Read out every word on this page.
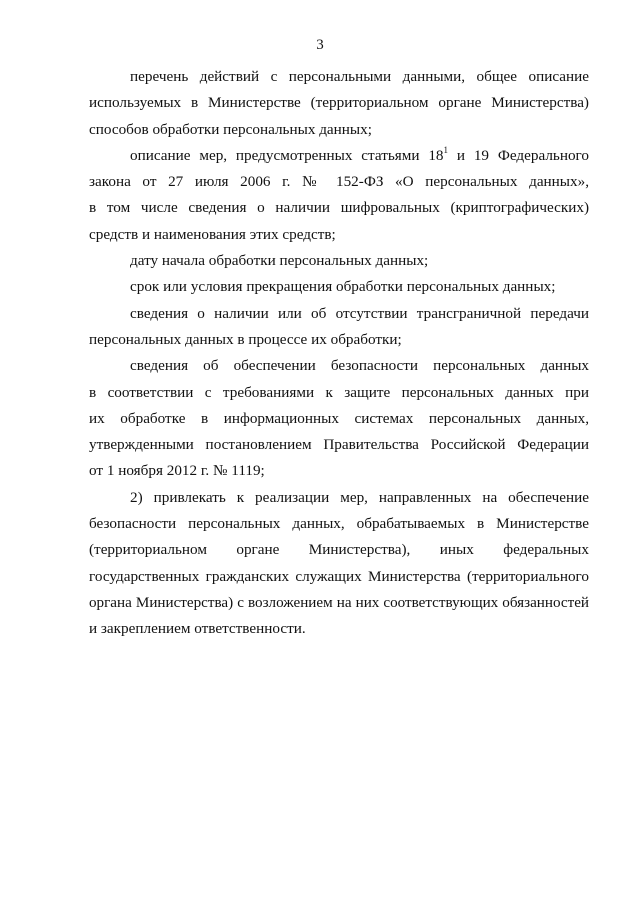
3

перечень действий с персональными данными, общее описание
используемых в Министерстве (территориальном органе Министерства)
способов обработки персональных данных;

описание мер, предусмотренных статьями $18^1$ и 19 Федерального
закона от 27 июля 2006 г. № 152-ФЗ «О персональных данных»,
в том числе сведения о наличии шифровальных (криптографических)
средств и наименования этих средств;

дату начала обработки персональных данных;

срок или условия прекращения обработки персональных данных;

сведения о наличии или об отсутствии трансграничной передачи
персональных данных в процессе их обработки;

сведения об обеспечении безопасности персональных данных
в соответствии с требованиями к защите персональных данных при
их обработке в информационных системах персональных данных,
утвержденными постановлением Правительства Российской Федерации
от 1 ноября 2012 г. № 1119;

2) привлекать к реализации мер, направленных на обеспечение
безопасности персональных данных, обрабатываемых в Министерстве
(территориальном органе Министерства), иных федеральных
государственных гражданских служащих Министерства (территориального
органа Министерства) с возложением на них соответствующих обязанностей
и закреплением ответственности.
